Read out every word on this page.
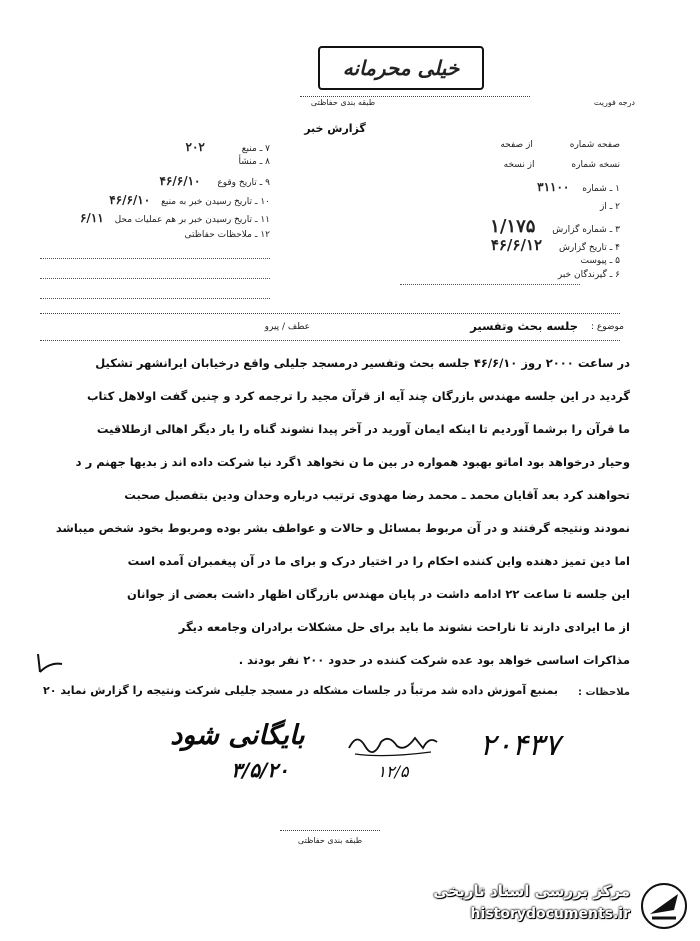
خیلی محرمانه
طبقه بندی حفاظتی	درجه فوریت
گزارش خبر
صفحه شماره از صفحه
نسخه شماره از نسخه
۱ ـ شماره ۳۱۱۰۰
۲ ـ از
۳ ـ شماره گزارش ۱/۱۷۵
۴ ـ تاریخ گزارش ۴۶/۶/۱۲
۵ ـ پیوست
۶ ـ گیرندگان خبر
۷ ـ منبع ۲۰۲
۸ ـ منشأ
۹ ـ تاریخ وقوع ۴۶/۶/۱۰
۱۰ ـ تاریخ رسیدن خبر به منبع ۴۶/۶/۱۰
۱۱ ـ تاریخ رسیدن خبر بر هم عملیات محل ۶/۱۱
۱۲ ـ ملاحظات حفاظتی
موضوع :
جلسه بحث وتفسیر
عطف / پیرو
در ساعت ۲۰۰۰ روز ۴۶/۶/۱۰ جلسه بحث وتفسیر درمسجد جلیلی واقع درخیابان ایرانشهر تشکیل
گردید در این جلسه مهندس بازرگان چند آیه از قرآن مجید را ترجمه کرد و چنین گفت اولاهل کتاب
ما قرآن را برشما آوردیم تا اینکه ایمان آورید در آخر پیدا نشوند گناه را یار دیگر اهالی ازطلاقیت
وحیار درخواهد بود اماتو بهبود همواره در بین ما ن نخواهد ۱گرد نیا شرکت داده اند ز بدیها جهنم ر د
تحواهند کرد بعد آقایان محمد ـ محمد رضا مهدوی ترتیب درباره وحدان ودین بتفصیل صحبت
نمودند ونتیجه گرفتند و در آن مربوط بمسائل و حالات و عواطف بشر بوده ومربوط بخود شخص میباشد
اما دین تمیز دهنده واین کننده احکام را در اختیار درک و برای ما در آن پیغمبران آمده است
این جلسه تا ساعت ۲۲ ادامه داشت در پایان مهندس بازرگان اظهار داشت بعضی از جوانان
از ما ایرادی دارند تا ناراحت نشوند ما باید برای حل مشکلات برادران وجامعه دیگر
مذاکرات اساسی خواهد بود عده شرکت کننده در حدود ۲۰۰ نفر بودند .
ملاحظات :
بمنبع آموزش داده شد مرتباً در جلسات مشکله در مسجد جلیلی شرکت ونتیجه را گزارش نماید ۲۰
بایگانی شود
۳/۵/۲۰	۱۲/۵
۲۰۴۳۷
طبقه بندی حفاظتی
مرکز بررسی اسناد تاریخی
historydocuments.ir
